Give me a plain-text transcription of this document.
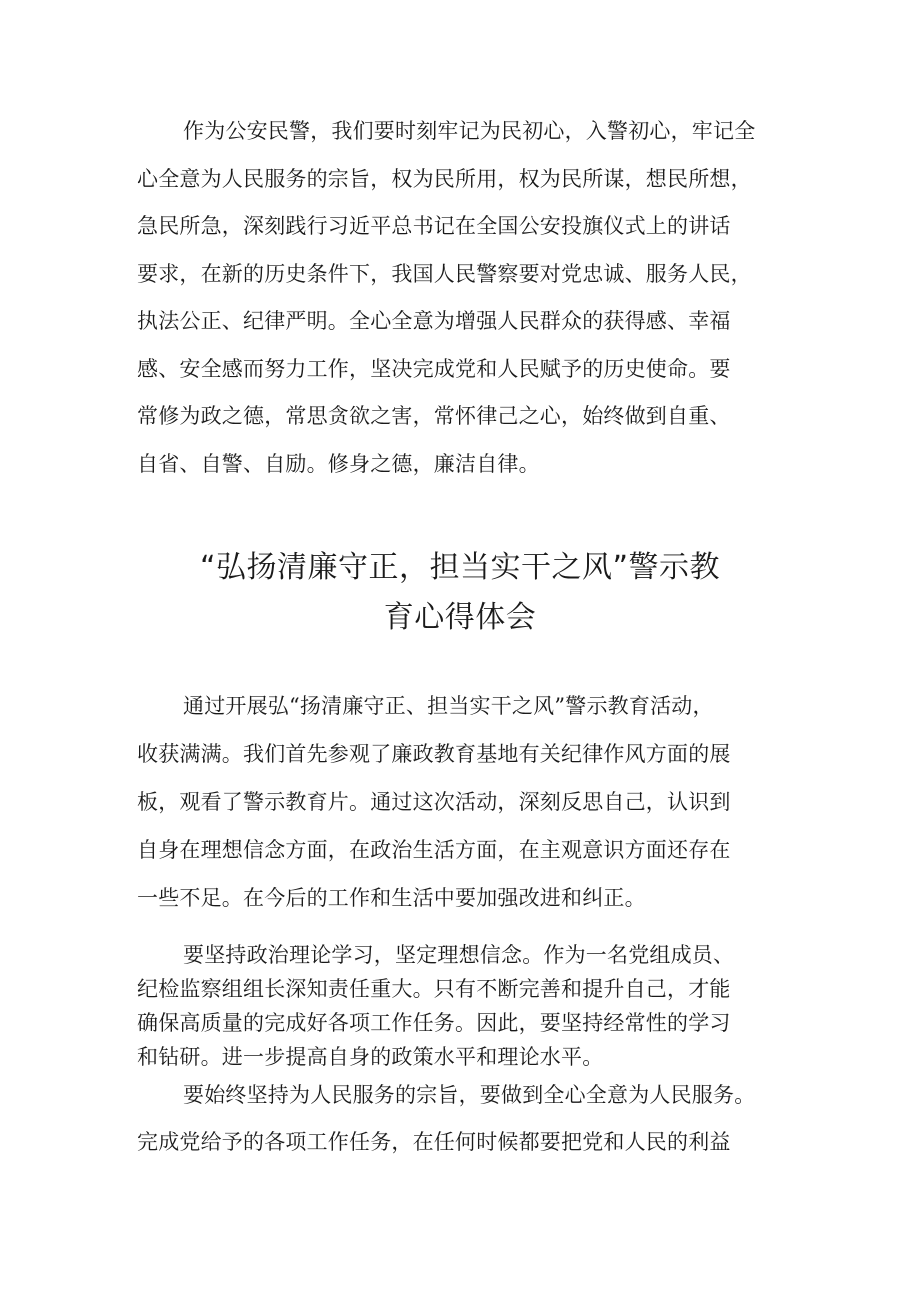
作为公安民警，我们要时刻牢记为民初心，入警初心，牢记全
心全意为人民服务的宗旨，权为民所用，权为民所谋，想民所想，
急民所急，深刻践行习近平总书记在全国公安投旗仪式上的讲话
要求，在新的历史条件下，我国人民警察要对党忠诚、服务人民，
执法公正、纪律严明。全心全意为增强人民群众的获得感、幸福
感、安全感而努力工作，坚决完成党和人民赋予的历史使命。要
常修为政之德，常思贪欲之害，常怀律己之心，始终做到自重、
自省、自警、自励。修身之德，廉洁自律。
“弘扬清廉守正，担当实干之风”警示教
育心得体会
通过开展弘“扬清廉守正、担当实干之风”警示教育活动，
收获满满。我们首先参观了廉政教育基地有关纪律作风方面的展
板，观看了警示教育片。通过这次活动，深刻反思自己，认识到
自身在理想信念方面，在政治生活方面，在主观意识方面还存在
一些不足。在今后的工作和生活中要加强改进和纠正。
要坚持政治理论学习，坚定理想信念。作为一名党组成员、
纪检监察组组长深知责任重大。只有不断完善和提升自己，才能
确保高质量的完成好各项工作任务。因此，要坚持经常性的学习
和钻研。进一步提高自身的政策水平和理论水平。
要始终坚持为人民服务的宗旨，要做到全心全意为人民服务。
完成党给予的各项工作任务，在任何时候都要把党和人民的利益
